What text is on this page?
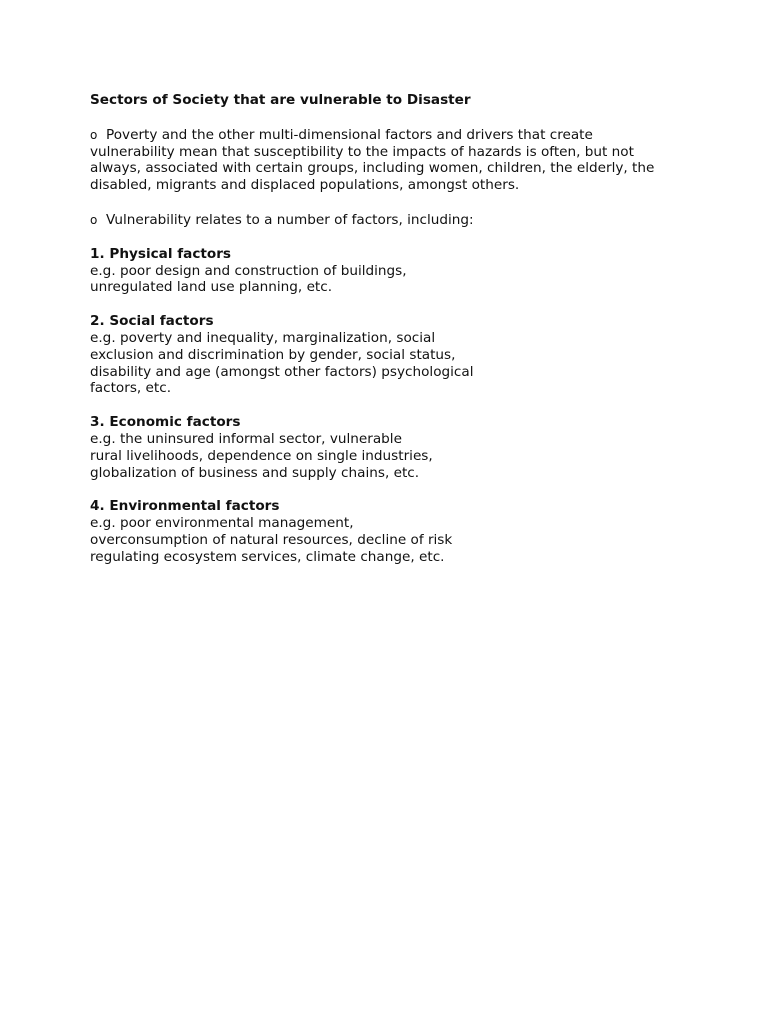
Sectors of Society that are vulnerable to Disaster
o Poverty and the other multi-dimensional factors and drivers that create
vulnerability mean that susceptibility to the impacts of hazards is often, but not
always, associated with certain groups, including women, children, the elderly, the
disabled, migrants and displaced populations, amongst others.
o Vulnerability relates to a number of factors, including:
1. Physical factors
e.g. poor design and construction of buildings,
unregulated land use planning, etc.
2. Social factors
e.g. poverty and inequality, marginalization, social
exclusion and discrimination by gender, social status,
disability and age (amongst other factors) psychological
factors, etc.
3. Economic factors
e.g. the uninsured informal sector, vulnerable
rural livelihoods, dependence on single industries,
globalization of business and supply chains, etc.
4. Environmental factors
e.g. poor environmental management,
overconsumption of natural resources, decline of risk
regulating ecosystem services, climate change, etc.
